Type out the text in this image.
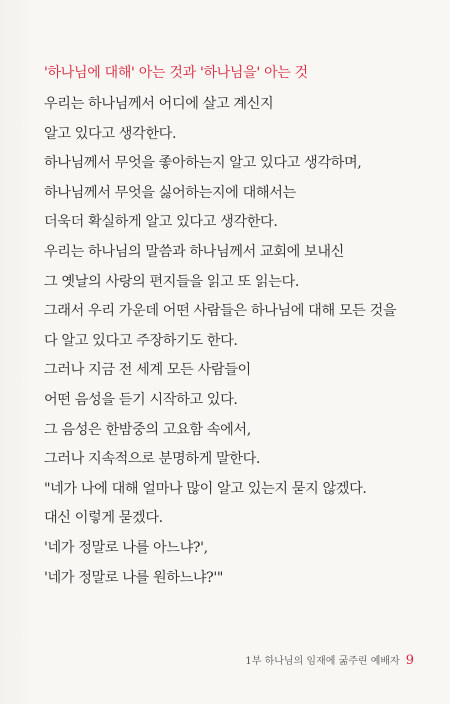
'하나님에 대해' 아는 것과 '하나님을' 아는 것
우리는 하나님께서 어디에 살고 계신지
알고 있다고 생각한다.
하나님께서 무엇을 좋아하는지 알고 있다고 생각하며,
하나님께서 무엇을 싫어하는지에 대해서는
더욱더 확실하게 알고 있다고 생각한다.
우리는 하나님의 말씀과 하나님께서 교회에 보내신
그 옛날의 사랑의 편지들을 읽고 또 읽는다.
그래서 우리 가운데 어떤 사람들은 하나님에 대해 모든 것을
다 알고 있다고 주장하기도 한다.
그러나 지금 전 세계 모든 사람들이
어떤 음성을 듣기 시작하고 있다.
그 음성은 한밤중의 고요함 속에서,
그러나 지속적으로 분명하게 말한다.
"네가 나에 대해 얼마나 많이 알고 있는지 묻지 않겠다.
대신 이렇게 묻겠다.
'네가 정말로 나를 아느냐?',
'네가 정말로 나를 원하느냐?'"
1부 하나님의 임재에 굶주린 예배자 9
